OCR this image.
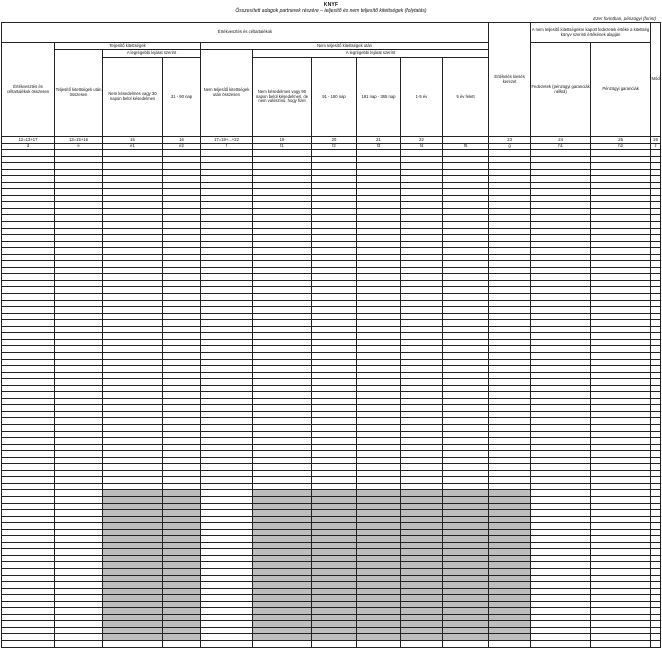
KNYF
Összesített adagok partnerek részére – teljesítő és nem teljesítő kitettségek (folytatás)
Ezer forintban, pénzügyi (forint)
Értékvesztés és céltartalékok										Értékelés kiesés kerezet	A nem teljesítő kitettségekre kapott fedezetek értéke a kitettség könyv szerinti értékének alapján		Mód
Értékvesztés és céltartalékok összesen	Teljesítő kitettségek			Nem teljesítő kitettségek után							Fedezetek (pénzügyi garanciák nélkül)	Pénzügyi garanciák	
	Teljesítő kitettségek után összesen	A legrégebbi lejárat szerint		Nem teljesítő kitettségek után összesen	A legrégebbi lejárat szerint								
		Nem késedelmes vagy 30 napon belül késedelmes	31 - 90 nap		Nem késedelmes vagy 90 napon belül késedelmes, de nem valószínű, hogy fizet	91 - 180 nap	181 nap - 365 nap	1-5 év	5 év felett				
12=13+17	13=15+16	15	16	17=19+...+22	19	20	21	22		23	24	25	26
d	e	e1	e2	f	f1	f2	f3	f4	f5	g	h1	h2	z
